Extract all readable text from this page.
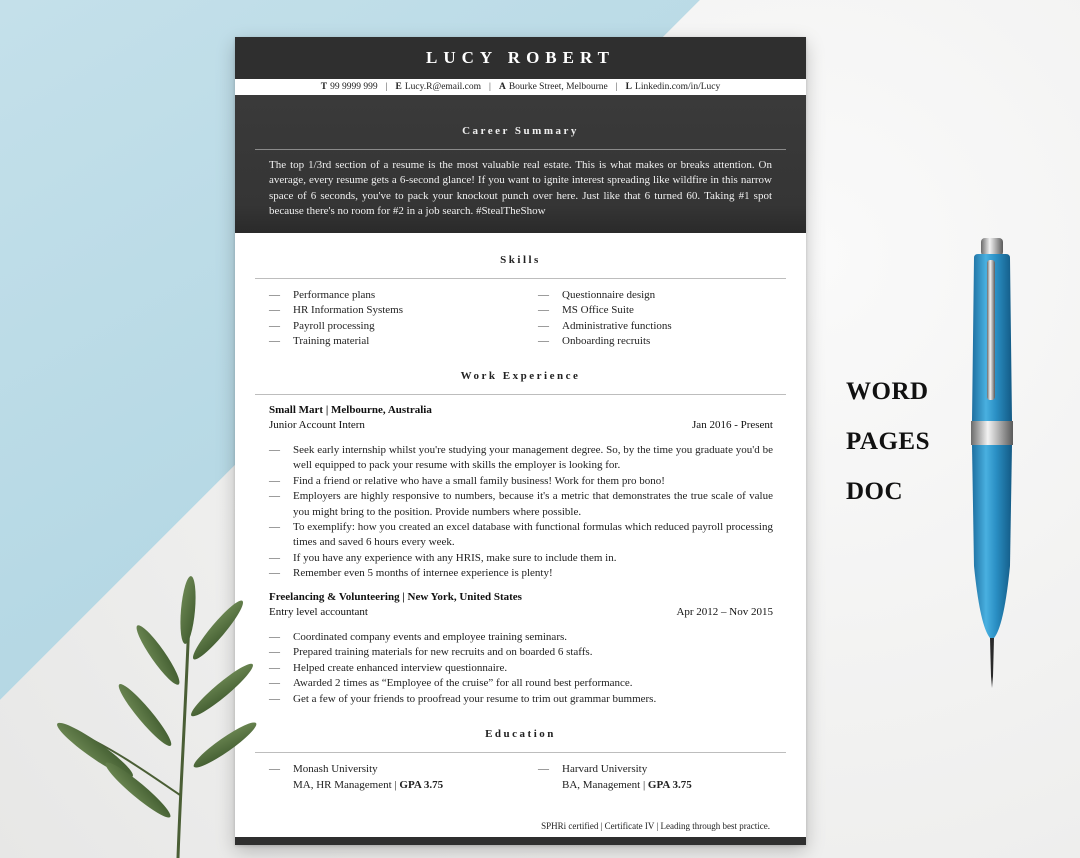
LUCY ROBERT
T 99 9999 999 | E Lucy.R@email.com | A Bourke Street, Melbourne | L Linkedin.com/in/Lucy
Career Summary
The top 1/3rd section of a resume is the most valuable real estate. This is what makes or breaks attention. On average, every resume gets a 6-second glance! If you want to ignite interest spreading like wildfire in this narrow space of 6 seconds, you've to pack your knockout punch over here. Just like that 6 turned 60. Taking #1 spot because there's no room for #2 in a job search. #StealTheShow
Skills
— Performance plans
— HR Information Systems
— Payroll processing
— Training material
— Questionnaire design
— MS Office Suite
— Administrative functions
— Onboarding recruits
Work Experience
Small Mart | Melbourne, Australia
Junior Account Intern	Jan 2016 - Present
—	Seek early internship whilst you're studying your management degree. So, by the time you graduate you'd be well equipped to pack your resume with skills the employer is looking for.
—	Find a friend or relative who have a small family business! Work for them pro bono!
—	Employers are highly responsive to numbers, because it's a metric that demonstrates the true scale of value you might bring to the position. Provide numbers where possible.
—	To exemplify: how you created an excel database with functional formulas which reduced payroll processing times and saved 6 hours every week.
—	If you have any experience with any HRIS, make sure to include them in.
—	Remember even 5 months of internee experience is plenty!
Freelancing & Volunteering | New York, United States
Entry level accountant	Apr 2012 – Nov 2015
—	Coordinated company events and employee training seminars.
—	Prepared training materials for new recruits and on boarded 6 staffs.
—	Helped create enhanced interview questionnaire.
—	Awarded 2 times as “Employee of the cruise” for all round best performance.
—	Get a few of your friends to proofread your resume to trim out grammar bummers.
Education
— Monash University
MA, HR Management | GPA 3.75
— Harvard University
BA, Management | GPA 3.75
SPHRi certified | Certificate IV | Leading through best practice.
WORD
PAGES
DOC
